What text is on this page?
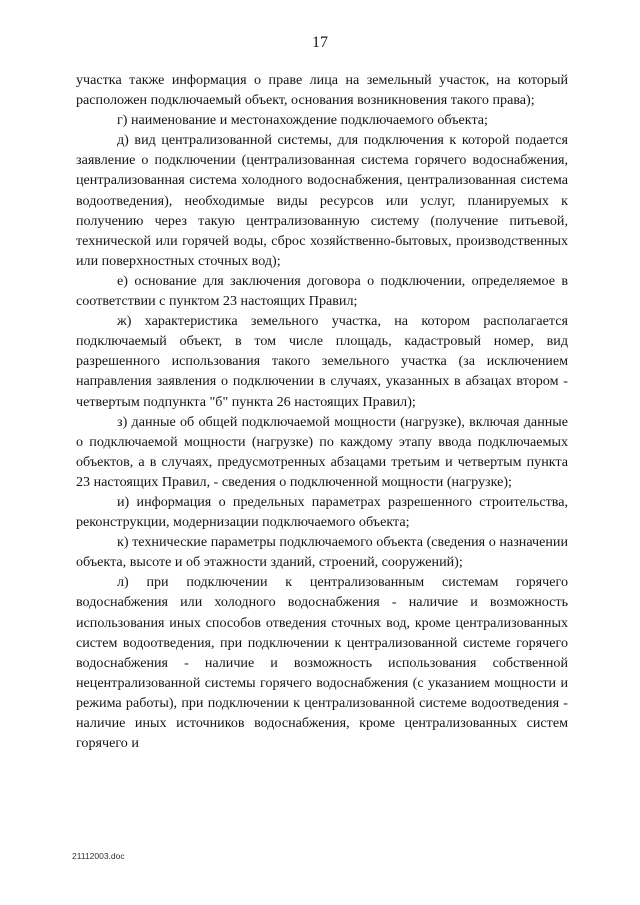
17

участка также информация о праве лица на земельный участок, на который расположен подключаемый объект, основания возникновения такого права);

г) наименование и местонахождение подключаемого объекта;

д) вид централизованной системы, для подключения к которой подается заявление о подключении (централизованная система горячего водоснабжения, централизованная система холодного водоснабжения, централизованная система водоотведения), необходимые виды ресурсов или услуг, планируемых к получению через такую централизованную систему (получение питьевой, технической или горячей воды, сброс хозяйственно-бытовых, производственных или поверхностных сточных вод);

е) основание для заключения договора о подключении, определяемое в соответствии с пунктом 23 настоящих Правил;

ж) характеристика земельного участка, на котором располагается подключаемый объект, в том числе площадь, кадастровый номер, вид разрешенного использования такого земельного участка (за исключением направления заявления о подключении в случаях, указанных в абзацах втором - четвертым подпункта "б" пункта 26 настоящих Правил);

з) данные об общей подключаемой мощности (нагрузке), включая данные о подключаемой мощности (нагрузке) по каждому этапу ввода подключаемых объектов, а в случаях, предусмотренных абзацами третьим и четвертым пункта 23 настоящих Правил, - сведения о подключенной мощности (нагрузке);

и) информация о предельных параметрах разрешенного строительства, реконструкции, модернизации подключаемого объекта;

к) технические параметры подключаемого объекта (сведения о назначении объекта, высоте и об этажности зданий, строений, сооружений);

л) при подключении к централизованным системам горячего водоснабжения или холодного водоснабжения - наличие и возможность использования иных способов отведения сточных вод, кроме централизованных систем водоотведения, при подключении к централизованной системе горячего водоснабжения - наличие и возможность использования собственной нецентрализованной системы горячего водоснабжения (с указанием мощности и режима работы), при подключении к централизованной системе водоотведения - наличие иных источников водоснабжения, кроме централизованных систем горячего и

21112003.doc
